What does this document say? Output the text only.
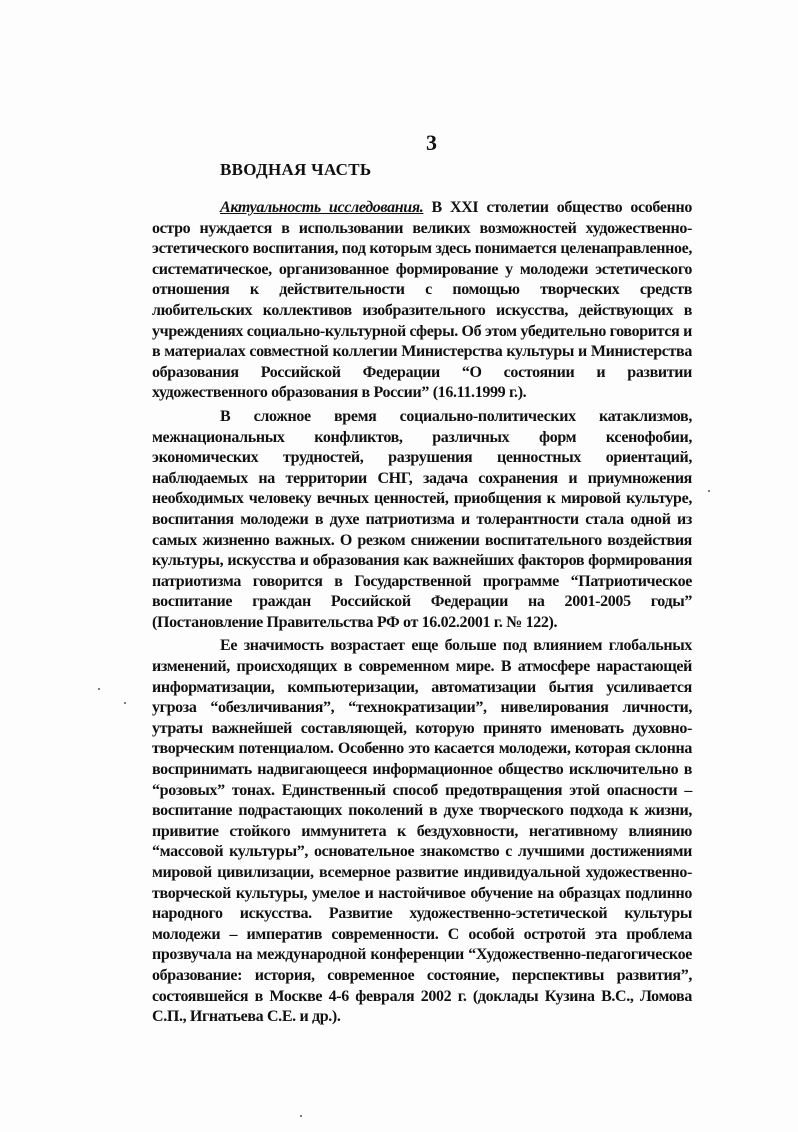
3
ВВОДНАЯ ЧАСТЬ

Актуальность исследования. В XXI столетии общество особенно остро нуждается в использовании великих возможностей художественно-эстетического воспитания, под которым здесь понимается целенаправленное, систематическое, организованное формирование у молодежи эстетического отношения к действительности с помощью творческих средств любительских коллективов изобразительного искусства, действующих в учреждениях социально-культурной сферы. Об этом убедительно говорится и в материалах совместной коллегии Министерства культуры и Министерства образования Российской Федерации “О состоянии и развитии художественного образования в России” (16.11.1999 г.).

В сложное время социально-политических катаклизмов, межнациональных конфликтов, различных форм ксенофобии, экономических трудностей, разрушения ценностных ориентаций, наблюдаемых на территории СНГ, задача сохранения и приумножения необходимых человеку вечных ценностей, приобщения к мировой культуре, воспитания молодежи в духе патриотизма и толерантности стала одной из самых жизненно важных. О резком снижении воспитательного воздействия культуры, искусства и образования как важнейших факторов формирования патриотизма говорится в Государственной программе “Патриотическое воспитание граждан Российской Федерации на 2001-2005 годы” (Постановление Правительства РФ от 16.02.2001 г. № 122).

Ее значимость возрастает еще больше под влиянием глобальных изменений, происходящих в современном мире. В атмосфере нарастающей информатизации, компьютеризации, автоматизации бытия усиливается угроза “обезличивания”, “технократизации”, нивелирования личности, утраты важнейшей составляющей, которую принято именовать духовно-творческим потенциалом. Особенно это касается молодежи, которая склонна воспринимать надвигающееся информационное общество исключительно в “розовых” тонах. Единственный способ предотвращения этой опасности – воспитание подрастающих поколений в духе творческого подхода к жизни, привитие стойкого иммунитета к бездуховности, негативному влиянию “массовой культуры”, основательное знакомство с лучшими достижениями мировой цивилизации, всемерное развитие индивидуальной художественно-творческой культуры, умелое и настойчивое обучение на образцах подлинно народного искусства. Развитие художественно-эстетической культуры молодежи – императив современности. С особой остротой эта проблема прозвучала на международной конференции “Художественно-педагогическое образование: история, современное состояние, перспективы развития”, состоявшейся в Москве 4-6 февраля 2002 г. (доклады Кузина В.С., Ломова С.П., Игнатьева С.Е. и др.).
